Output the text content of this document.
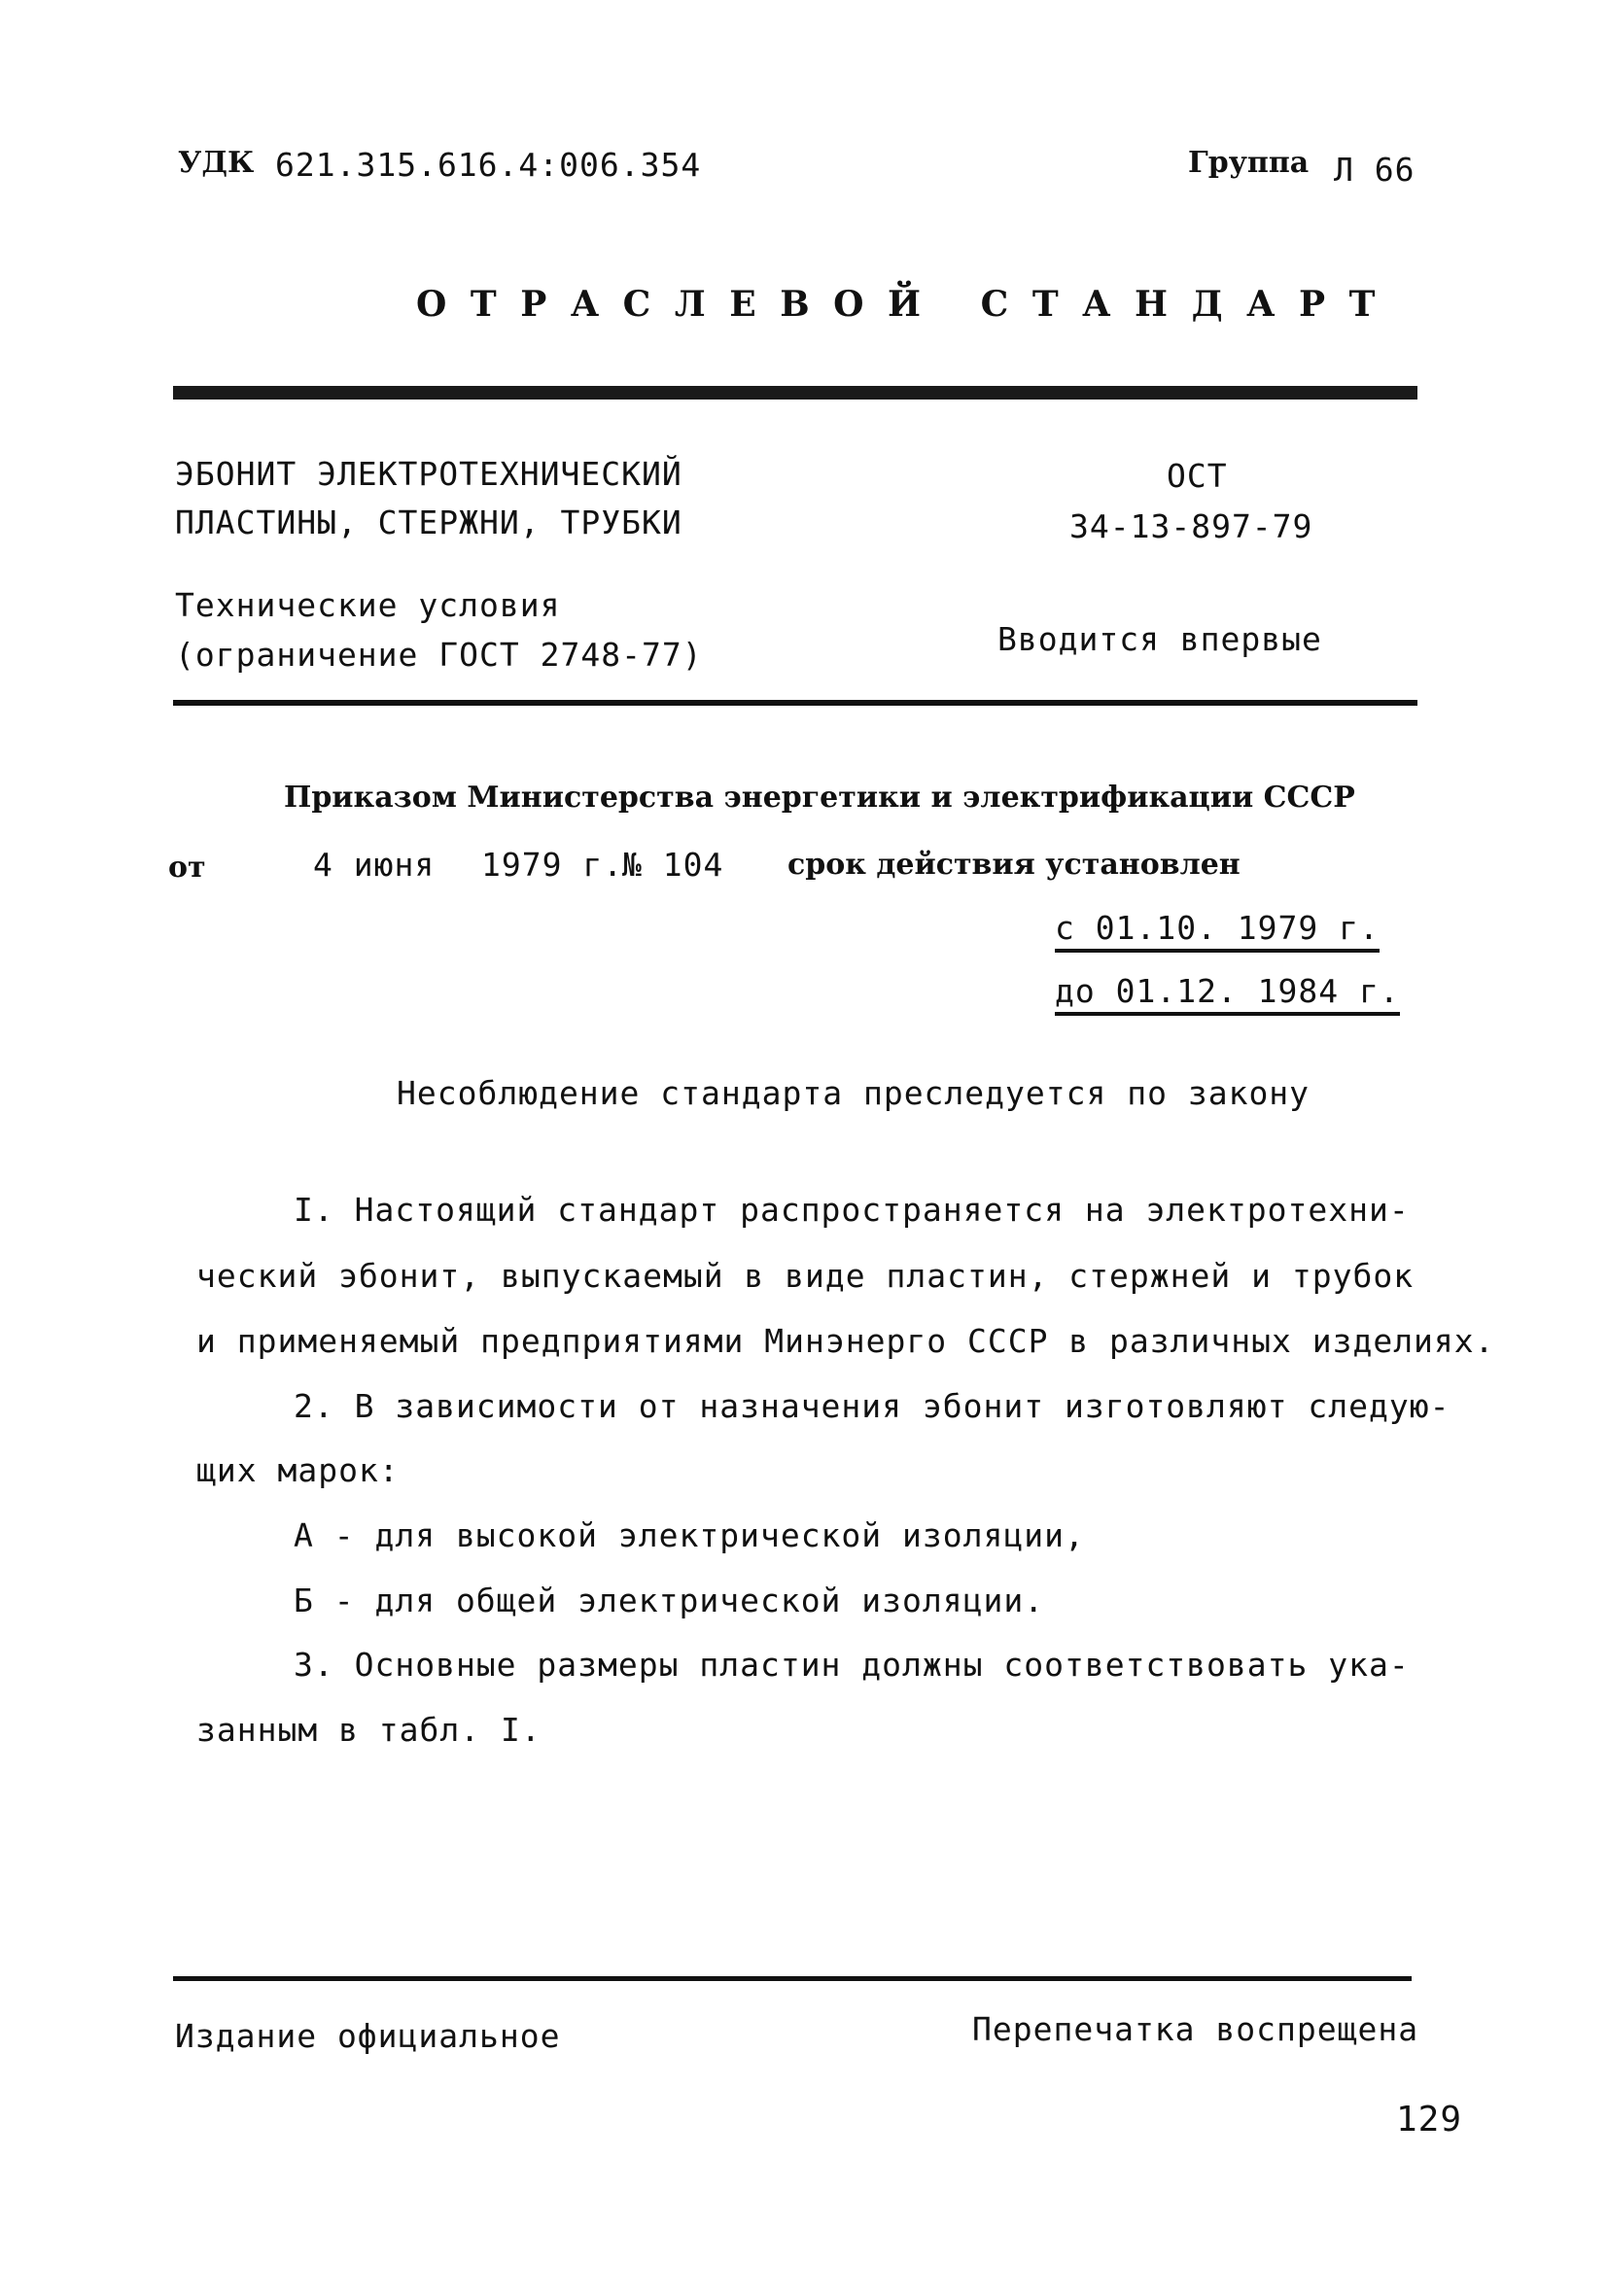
УДК 621.315.616.4:006.354	Группа Л 66
О Т Р А С Л Е В О Й   С Т А Н Д А Р Т
ЭБОНИТ ЭЛЕКТРОТЕХНИЧЕСКИЙ
ПЛАСТИНЫ, СТЕРЖНИ, ТРУБКИ
ОСТ
34-13-897-79
Технические условия
(ограничение ГОСТ 2748-77)	Вводится впервые
Приказом Министерства энергетики и электрификации СССР
от	4 июня 1979 г.
№ 104 срок действия установлен
с 01.10. 1979 г.
до 01.12. 1984 г.
Несоблюдение стандарта преследуется по закону
I. Настоящий стандарт распространяется на электротехни-
ческий эбонит, выпускаемый в виде пластин, стержней и трубок
и применяемый предприятиями Минэнерго СССР в различных изделиях.
2. В зависимости от назначения эбонит изготовляют следую-
щих марок:
А - для высокой электрической изоляции,
Б - для общей электрической изоляции.
3. Основные размеры пластин должны соответствовать ука-
занным в табл. I.
Издание официальное	Перепечатка воспрещена
129
